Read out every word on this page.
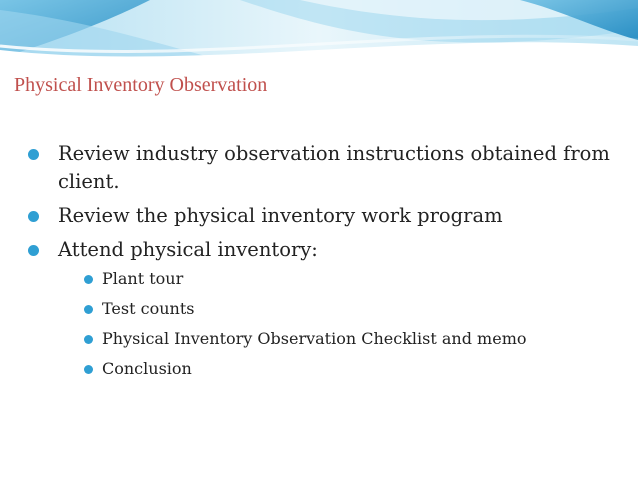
Physical Inventory Observation
Review industry observation instructions obtained from client.
Review the physical inventory work program
Attend physical inventory:
Plant tour
Test counts
Physical Inventory Observation Checklist and memo
Conclusion
